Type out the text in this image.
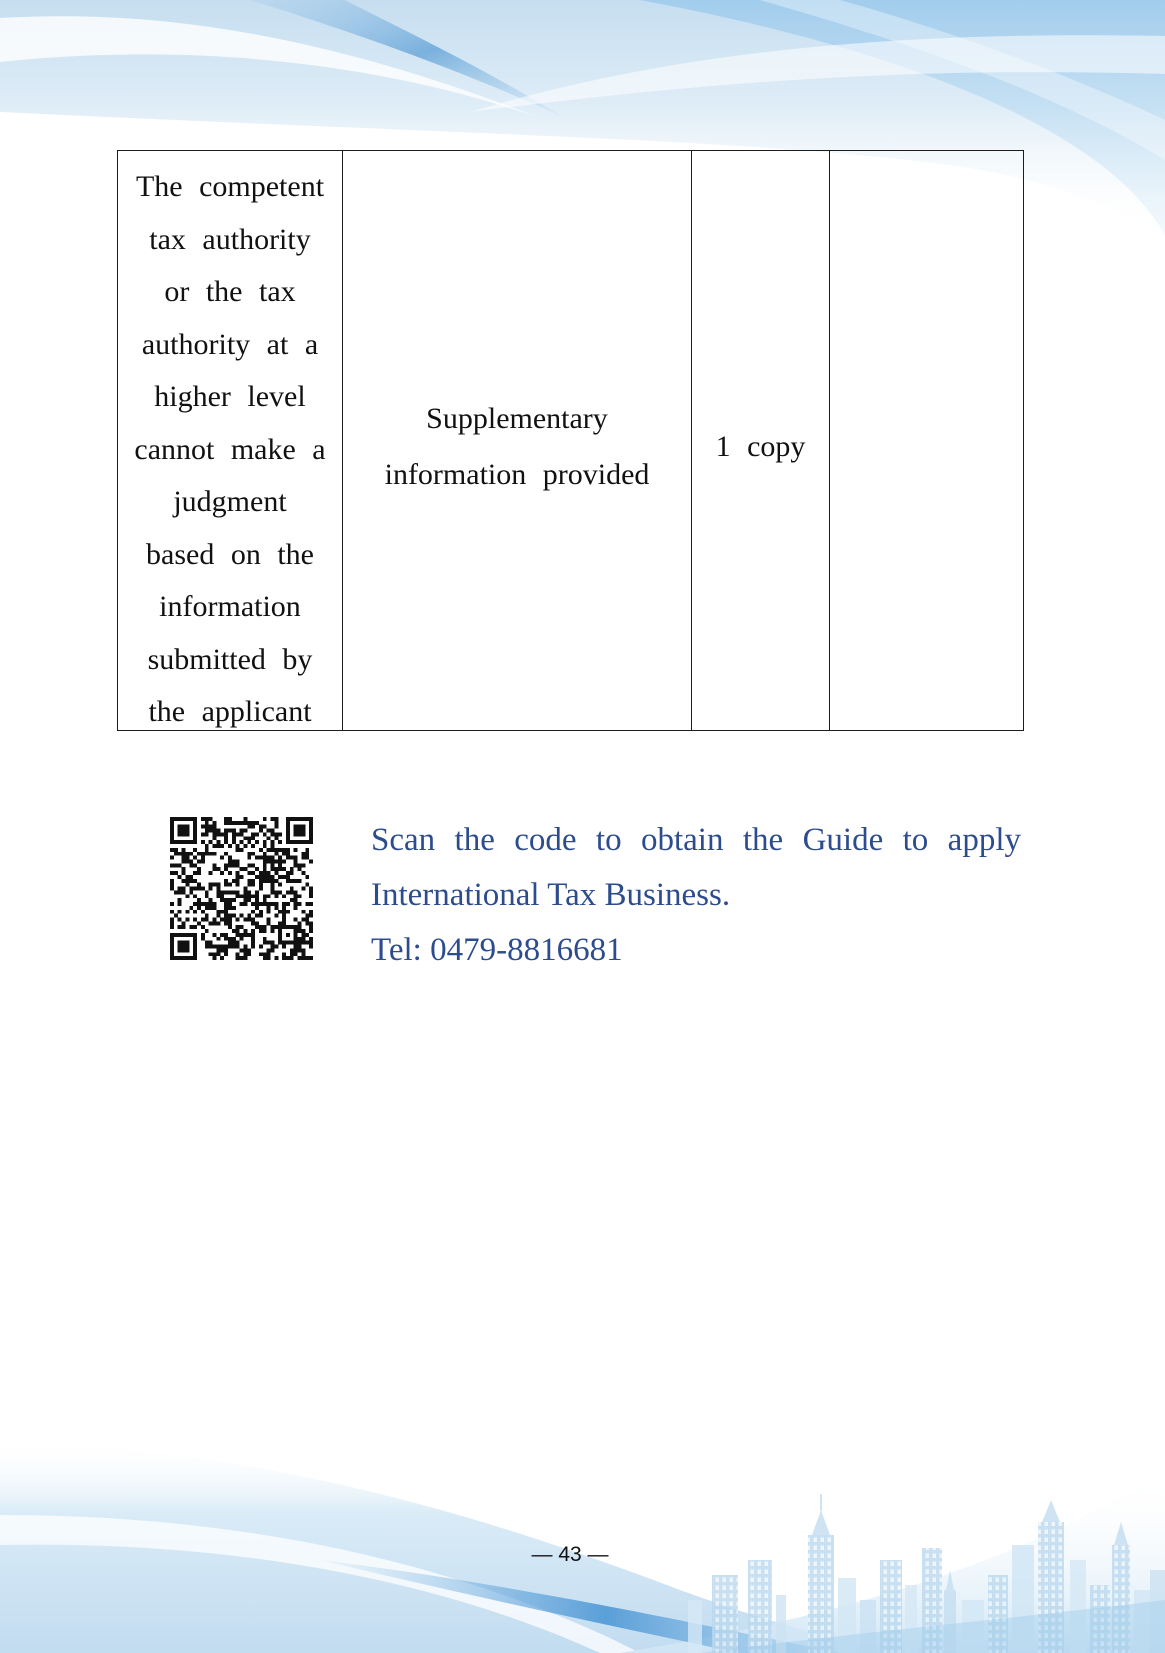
The competent
tax authority
or the tax
authority at a
higher level
cannot make a
judgment
based on the
information
submitted by
the applicant
Supplementary
information provided
1 copy

Scan the code to obtain the Guide to apply International Tax Business.

Tel: 0479-8816681

— 43 —
